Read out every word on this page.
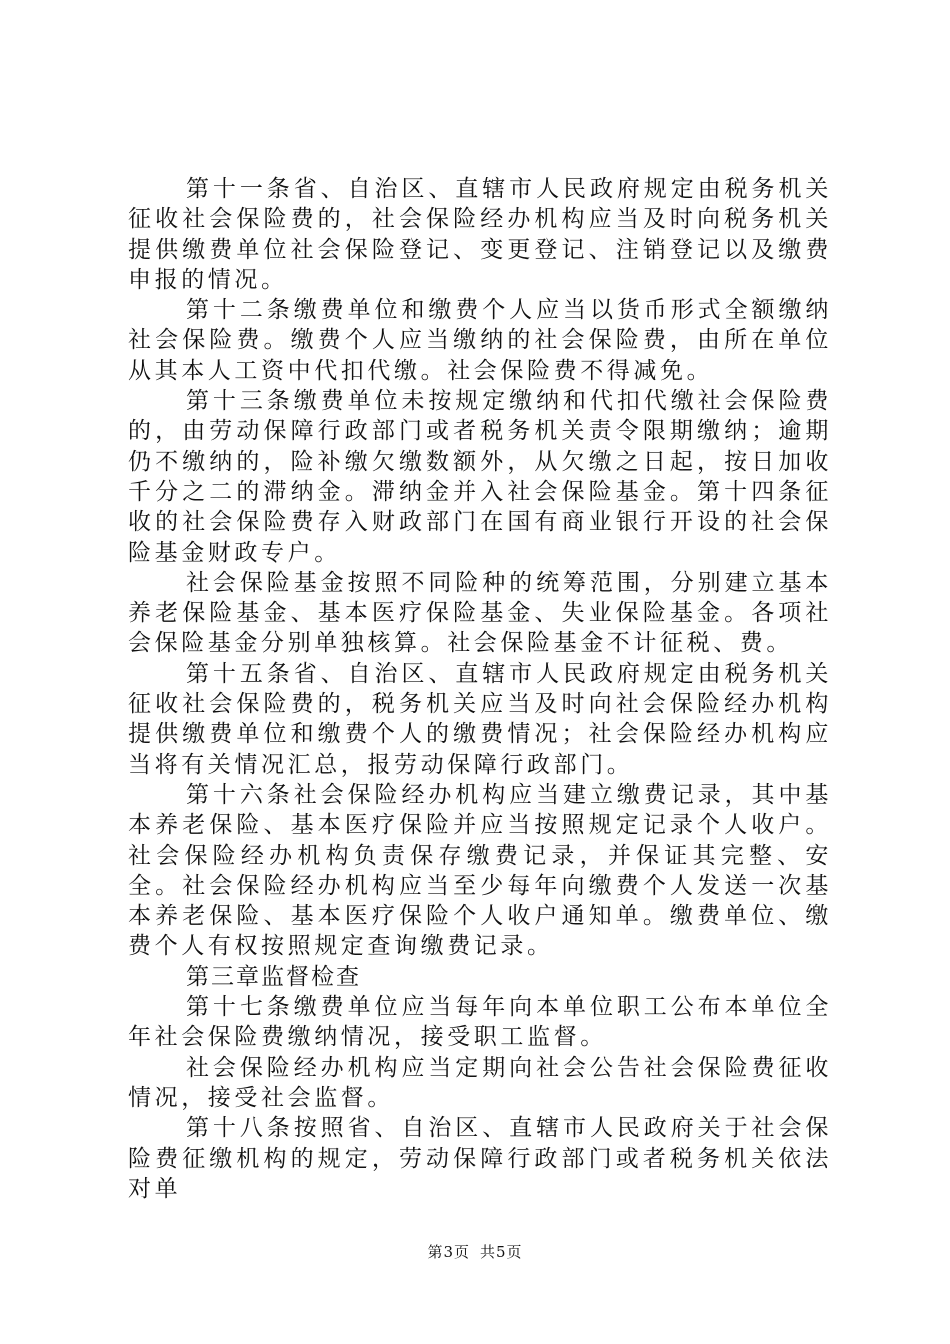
第十一条省、自治区、直辖市人民政府规定由税务机关征收社会保险费的，社会保险经办机构应当及时向税务机关提供缴费单位社会保险登记、变更登记、注销登记以及缴费申报的情况。

第十二条缴费单位和缴费个人应当以货币形式全额缴纳社会保险费。缴费个人应当缴纳的社会保险费，由所在单位从其本人工资中代扣代缴。社会保险费不得减免。

第十三条缴费单位未按规定缴纳和代扣代缴社会保险费的，由劳动保障行政部门或者税务机关责令限期缴纳；逾期仍不缴纳的，险补缴欠缴数额外，从欠缴之日起，按日加收千分之二的滞纳金。滞纳金并入社会保险基金。第十四条征收的社会保险费存入财政部门在国有商业银行开设的社会保险基金财政专户。

社会保险基金按照不同险种的统筹范围，分别建立基本养老保险基金、基本医疗保险基金、失业保险基金。各项社会保险基金分别单独核算。社会保险基金不计征税、费。

第十五条省、自治区、直辖市人民政府规定由税务机关征收社会保险费的，税务机关应当及时向社会保险经办机构提供缴费单位和缴费个人的缴费情况；社会保险经办机构应当将有关情况汇总，报劳动保障行政部门。

第十六条社会保险经办机构应当建立缴费记录，其中基本养老保险、基本医疗保险并应当按照规定记录个人收户。社会保险经办机构负责保存缴费记录，并保证其完整、安全。社会保险经办机构应当至少每年向缴费个人发送一次基本养老保险、基本医疗保险个人收户通知单。缴费单位、缴费个人有权按照规定查询缴费记录。

第三章监督检查

第十七条缴费单位应当每年向本单位职工公布本单位全年社会保险费缴纳情况，接受职工监督。

社会保险经办机构应当定期向社会公告社会保险费征收情况，接受社会监督。

第十八条按照省、自治区、直辖市人民政府关于社会保险费征缴机构的规定，劳动保障行政部门或者税务机关依法对单

第3页 共5页
